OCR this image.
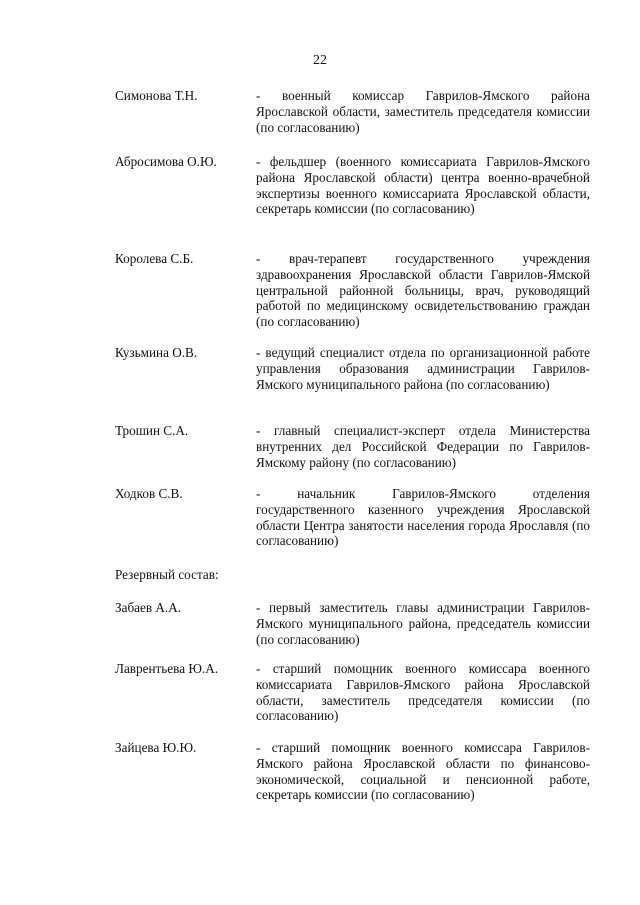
22
Симонова Т.Н.	- военный комиссар Гаврилов-Ямского района Ярославской области, заместитель председателя комиссии (по согласованию)
Абросимова О.Ю.	- фельдшер (военного комиссариата Гаврилов-Ямского района Ярославской области) центра военно-врачебной экспертизы военного комиссариата Ярославской области, секретарь комиссии (по согласованию)
Королева С.Б.	- врач-терапевт государственного учреждения здравоохранения Ярославской области Гаврилов-Ямской центральной районной больницы, врач, руководящий работой по медицинскому освидетельствованию граждан (по согласованию)
Кузьмина О.В.	- ведущий специалист отдела по организационной работе управления образования администрации Гаврилов-Ямского муниципального района (по согласованию)
Трошин С.А.	- главный специалист-эксперт отдела Министерства внутренних дел Российской Федерации по Гаврилов-Ямскому району (по согласованию)
Ходков С.В.	- начальник Гаврилов-Ямского отделения государственного казенного учреждения Ярославской области Центра занятости населения города Ярославля (по согласованию)
Резервный состав:
Забаев А.А.	- первый заместитель главы администрации Гаврилов-Ямского муниципального района, председатель комиссии (по согласованию)
Лаврентьева Ю.А.	- старший помощник военного комиссара военного комиссариата Гаврилов-Ямского района Ярославской области, заместитель председателя комиссии (по согласованию)
Зайцева Ю.Ю.	- старший помощник военного комиссара Гаврилов-Ямского района Ярославской области по финансово-экономической, социальной и пенсионной работе, секретарь комиссии (по согласованию)
